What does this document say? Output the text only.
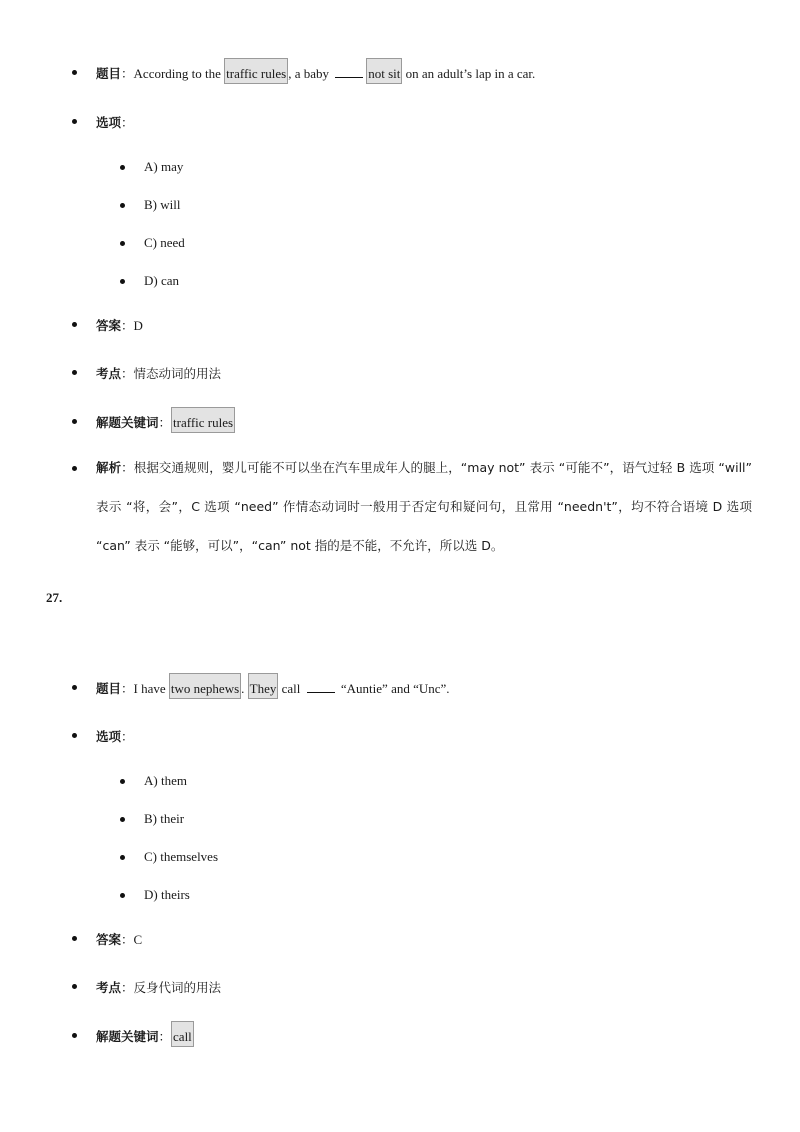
题目：According to the traffic rules , a baby	not sit on an adult’s lap in a car.
选项：
A) may
B) will
C) need
D) can
答案：D
考点：情态动词的用法
解题关键词： traffic rules
解析：根据交通规则，婴儿可能不可以坐在汽车里成年人的腿上，“may not” 表示 “可能不”，语气过轻 B 选项 “will” 表示 “将，会”，C 选项 “need” 作情态动词时一般用于否定句和疑问句，且常用 “needn't”，均不符合语境 D 选项 “can” 表示 “能够，可以”，“can” not 指的是不能，不允许，所以选 D。
27.
题目：I have two nephews . They call	“Auntie” and “Unc”.
选项：
A) them
B) their
C) themselves
D) theirs
答案：C
考点：反身代词的用法
解题关键词： call
